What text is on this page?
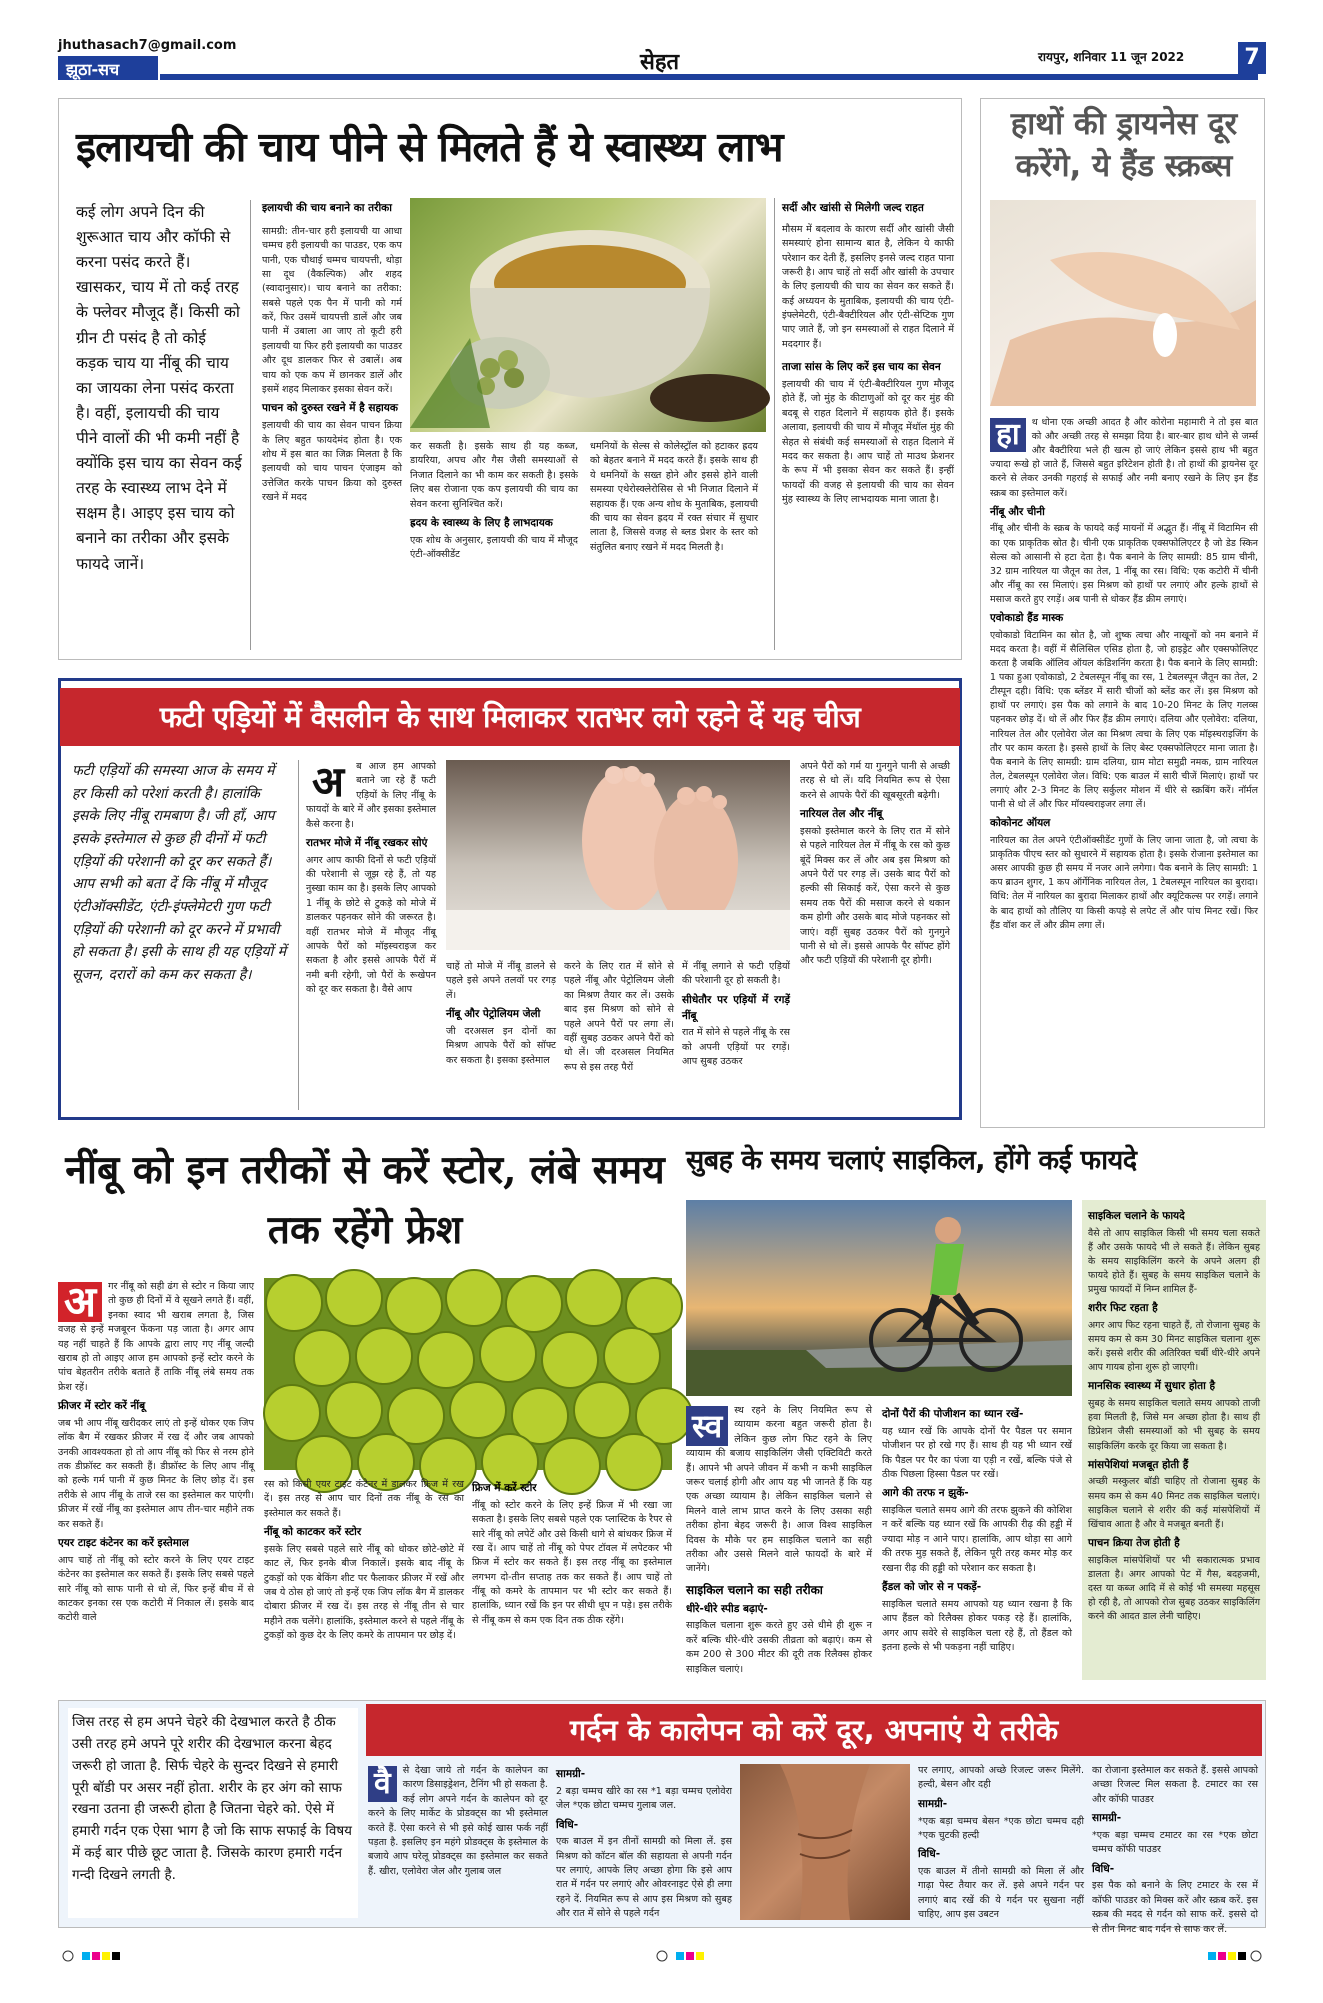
jhuthasach7@gmail.com
झूठा-सच	सेहत	रायपुर, शनिवार 11 जून 2022	7
इलायची की चाय पीने से मिलते हैं ये स्वास्थ्य लाभ
कई लोग अपने दिन की शुरूआत चाय और कॉफी से करना पसंद करते हैं। खासकर, चाय में तो कई तरह के फ्लेवर मौजूद हैं। किसी को ग्रीन टी पसंद है तो कोई कड़क चाय या नींबू की चाय का जायका लेना पसंद करता है। वहीं, इलायची की चाय पीने वालों की भी कमी नहीं है क्योंकि इस चाय का सेवन कई तरह के स्वास्थ्य लाभ देने में सक्षम है। आइए इस चाय को बनाने का तरीका और इसके फायदे जानें।
इलायची की चाय बनाने का तरीका

सामग्री: तीन-चार हरी इलायची या आधा चम्मच हरी इलायची का पाउडर, एक कप पानी, एक चौथाई चम्मच चायपत्ती, थोड़ा सा दूध (वैकल्पिक) और शहद (स्वादानुसार)। चाय बनाने का तरीका: सबसे पहले एक पैन में पानी को गर्म करें, फिर उसमें चायपत्ती डालें और जब पानी में उबाला आ जाए तो कूटी हरी इलायची या फिर हरी इलायची का पाउडर और दूध डालकर फिर से उबालें। अब चाय को एक कप में छानकर डालें और इसमें शहद मिलाकर इसका सेवन करें।

पाचन को दुरुस्त रखने में है सहायक

इलायची की चाय का सेवन पाचन क्रिया के लिए बहुत फायदेमंद होता है। एक शोध में इस बात का जिक्र मिलता है कि इलायची को चाय पाचन एंजाइम को उत्तेजित करके पाचन क्रिया को दुरुस्त रखने में मदद

कर सकती है। इसके साथ ही यह कब्ज, डायरिया, अपच और गैस जैसी समस्याओं से निजात दिलाने का भी काम कर सकती है। इसके लिए बस रोजाना एक कप इलायची की चाय का सेवन करना सुनिश्चित करें।

ह्रदय के स्वास्थ्य के लिए है लाभदायक

एक शोध के अनुसार, इलायची की चाय में मौजूद एंटी-ऑक्सीडेंट

धमनियों के सेल्स से कोलेस्ट्रॉल को हटाकर ह्रदय को बेहतर बनाने में मदद करते हैं। इसके साथ ही ये धमनियों के सख्त होने और इससे होने वाली समस्या एथेरोस्क्लेरोसिस से भी निजात दिलाने में सहायक हैं। एक अन्य शोध के मुताबिक, इलायची की चाय का सेवन ह्रदय में रक्त संचार में सुधार लाता है, जिससे वजह से ब्लड प्रेशर के स्तर को संतुलित बनाए रखने में मदद मिलती है।

सर्दी और खांसी से मिलेगी जल्द राहत

मौसम में बदलाव के कारण सर्दी और खांसी जैसी समस्याएं होना सामान्य बात है, लेकिन ये काफी परेशान कर देती हैं, इसलिए इनसे जल्द राहत पाना जरूरी है। आप चाहें तो सर्दी और खांसी के उपचार के लिए इलायची की चाय का सेवन कर सकते हैं। कई अध्ययन के मुताबिक, इलायची की चाय एंटी-इंफ्लेमेटरी, एंटी-बैक्टीरियल और एंटी-सेप्टिक गुण पाए जाते हैं, जो इन समस्याओं से राहत दिलाने में मददगार हैं।

ताजा सांस के लिए करें इस चाय का सेवन

इलायची की चाय में एंटी-बैक्टीरियल गुण मौजूद होते हैं, जो मुंह के कीटाणुओं को दूर कर मुंह की बदबू से राहत दिलाने में सहायक होते हैं। इसके अलावा, इलायची की चाय में मौजूद मेंथॉल मुंह की सेहत से संबंधी कई समस्याओं से राहत दिलाने में मदद कर सकता है। आप चाहें तो माउथ फ्रेशनर के रूप में भी इसका सेवन कर सकते हैं। इन्हीं फायदों की वजह से इलायची की चाय का सेवन मुंह स्वास्थ्य के लिए लाभदायक माना जाता है।

हाथों की ड्रायनेस दूर करेंगे, ये हैंड स्क्रब्स
हा	थ धोना एक अच्छी आदत है और कोरोना महामारी ने तो इस बात को और अच्छी तरह से समझा दिया है। बार-बार हाथ धोने से जर्म्स और बैक्टीरिया भले ही खत्म हो जाएं लेकिन इससे हाथ भी बहुत ज्यादा रूखे हो जाते हैं, जिससे बहुत इरिटेशन होती है। तो हाथों की ड्रायनेस दूर करने से लेकर उनकी गहराई से सफाई और नमी बनाए रखने के लिए इन हैंड स्क्रब का इस्तेमाल करें।

नींबू और चीनी

नींबू और चीनी के स्क्रब के फायदे कई मायनों में अद्भुत हैं। नींबू में विटामिन सी का एक प्राकृतिक स्रोत है। चीनी एक प्राकृतिक एक्सफोलिएटर है जो डेड स्किन सेल्स को आसानी से हटा देता है। पैक बनाने के लिए सामग्री: 85 ग्राम चीनी, 32 ग्राम नारियल या जैतून का तेल, 1 नींबू का रस। विधि: एक कटोरी में चीनी और नींबू का रस मिलाएं। इस मिश्रण को हाथों पर लगाएं और हल्के हाथों से मसाज करते हुए रगड़ें। अब पानी से धोकर हैंड क्रीम लगाएं।

एवोकाडो हैंड मास्क

एवोकाडो विटामिन का स्रोत है, जो शुष्क त्वचा और नाखूनों को नम बनाने में मदद करता है। वहीं में सैलिसिल एसिड होता है, जो हाइड्रेट और एक्सफोलिएट करता है जबकि ऑलिव ऑयल कंडिशनिंग करता है। पैक बनाने के लिए सामग्री: 1 पका हुआ एवोकाडो, 2 टेबलस्पून नींबू का रस, 1 टेबलस्पून जैतून का तेल, 2 टीस्पून दही। विधि: एक ब्लेंडर में सारी चीजों को ब्लेंड कर लें। इस मिश्रण को हाथों पर लगाएं। इस पैक को लगाने के बाद 10-20 मिनट के लिए गलव्स पहनकर छोड़ दें। धो लें और फिर हैंड क्रीम लगाएं। दलिया और एलोवेरा: दलिया, नारियल तेल और एलोवेरा जेल का मिश्रण त्वचा के लिए एक मॉइस्चराइजिंग के तौर पर काम करता है। इससे हाथों के लिए बेस्ट एक्सफोलिएटर माना जाता है। पैक बनाने के लिए सामग्री: ग्राम दलिया, ग्राम मोटा समुद्री नमक, ग्राम नारियल तेल, टेबलस्पून एलोवेरा जेल। विधि: एक बाउल में सारी चीजें मिलाएं। हाथों पर लगाएं और 2-3 मिनट के लिए सर्कुलर मोशन में धीरे से स्क्रबिंग करें। नॉर्मल पानी से धो लें और फिर मॉयस्चराइजर लगा लें।

कोकोनट ऑयल

नारियल का तेल अपने एंटीऑक्सीडेंट गुणों के लिए जाना जाता है, जो त्वचा के प्राकृतिक पीएच स्तर को सुधारने में सहायक होता है। इसके रोजाना इस्तेमाल का असर आपकी कुछ ही समय में नजर आने लगेगा। पैक बनाने के लिए सामग्री: 1 कप ब्राउन शुगर, 1 कप ऑर्गेनिक नारियल तेल, 1 टेबलस्पून नारियल का बुरादा। विधि: तेल में नारियल का बुरादा मिलाकर हाथों और क्यूटिकल्स पर रगड़ें। लगाने के बाद हाथों को तौलिए या किसी कपड़े से लपेट लें और पांच मिनट रखें। फिर हैंड वॉश कर लें और क्रीम लगा लें।

फटी एड़ियों में वैसलीन के साथ मिलाकर रातभर लगे रहने दें यह चीज
फटी एड़ियों की समस्या आज के समय में हर किसी को परेशां करती है। हालांकि इसके लिए नींबू रामबाण है। जी हाँ, आप इसके इस्तेमाल से कुछ ही दीनों में फटी एड़ियों की परेशानी को दूर कर सकते हैं। आप सभी को बता दें कि नींबू में मौजूद एंटीऑक्सीडेंट, एंटी-इंफ्लेमेटरी गुण फटी एड़ियों की परेशानी को दूर करने में प्रभावी हो सकता है। इसी के साथ ही यह एड़ियों में सूजन, दरारों को कम कर सकता है।
अ	ब आज हम आपको बताने जा रहे हैं फटी एड़ियों के लिए नींबू के फायदों के बारे में और इसका इस्तेमाल कैसे करना है।

रातभर मोजे में नींबू रखकर सोएं

अगर आप काफी दिनों से फटी एड़ियों की परेशानी से जूझ रहे हैं, तो यह नुस्खा काम का है। इसके लिए आपको 1 नींबू के छोटे से टुकड़े को मोजे में डालकर पहनकर सोने की जरूरत है। वहीं रातभर मोजे में मौजूद नींबू आपके पैरों को मॉइस्चराइज कर सकता है और इससे आपके पैरों में नमी बनी रहेगी, जो पैरों के रूखेपन को दूर कर सकता है। वैसे आप

चाहें तो मोजे में नींबू डालने से पहले इसे अपने तलवों पर रगड़ लें।

नींबू और पेट्रोलियम जेली

जी दरअसल इन दोनों का मिश्रण आपके पैरों को सॉफ्ट कर सकता है। इसका इस्तेमाल

करने के लिए रात में सोने से पहले नींबू और पेट्रोलियम जेली का मिश्रण तैयार कर लें। उसके बाद इस मिश्रण को सोने से पहले अपने पैरों पर लगा लें। वहीं सुबह उठकर अपने पैरों को धो लें। जी दरअसल नियमित रूप से इस तरह पैरों

में नींबू लगाने से फटी एड़ियों की परेशानी दूर हो सकती है।

सीधेतौर पर एड़ियों में रगड़ें नींबू

रात में सोने से पहले नींबू के रस को अपनी एड़ियों पर रगड़ें। आप सुबह उठकर

अपने पैरों को गर्म या गुनगुने पानी से अच्छी तरह से धो लें। यदि नियमित रूप से ऐसा करने से आपके पैरों की खूबसूरती बढ़ेगी।

नारियल तेल और नींबू

इसको इस्तेमाल करने के लिए रात में सोने से पहले नारियल तेल में नींबू के रस को कुछ बूंदें मिक्स कर लें और अब इस मिश्रण को अपने पैरों पर रगड़ लें। उसके बाद पैरों को हल्की सी सिकाई करें, ऐसा करने से कुछ समय तक पैरों की मसाज करने से थकान कम होगी और उसके बाद मोजे पहनकर सो जाएं। वहीं सुबह उठकर पैरों को गुनगुने पानी से धो लें। इससे आपके पैर सॉफ्ट होंगे और फटी एड़ियों की परेशानी दूर होगी।

नींबू को इन तरीकों से करें स्टोर, लंबे समय तक रहेंगे फ्रेश
अ	गर नींबू को सही ढंग से स्टोर न किया जाए तो कुछ ही दिनों में वे सूखने लगते हैं। वहीं, इनका स्वाद भी खराब लगता है, जिस वजह से इन्हें मजबूरन फेंकना पड़ जाता है। अगर आप यह नहीं चाहते हैं कि आपके द्वारा लाए गए नींबू जल्दी खराब हो तो आइए आज हम आपको इन्हें स्टोर करने के पांच बेहतरीन तरीके बताते हैं ताकि नींबू लंबे समय तक फ्रेश रहें।

फ्रीजर में स्टोर करें नींबू

जब भी आप नींबू खरीदकर लाएं तो इन्हें धोकर एक जिप लॉक बैग में रखकर फ्रीजर में रख दें और जब आपको उनकी आवश्यकता हो तो आप नींबू को फिर से नरम होने तक डीफ्रॉस्ट कर सकती हैं। डीफ्रॉस्ट के लिए आप नींबू को हल्के गर्म पानी में कुछ मिनट के लिए छोड़ दें। इस तरीके से आप नींबू के ताजे रस का इस्तेमाल कर पाएंगी। फ्रीजर में रखें नींबू का इस्तेमाल आप तीन-चार महीने तक कर सकते हैं।

एयर टाइट कंटेनर का करें इस्तेमाल

आप चाहें तो नींबू को स्टोर करने के लिए एयर टाइट कंटेनर का इस्तेमाल कर सकते हैं। इसके लिए सबसे पहले सारे नींबू को साफ पानी से धो लें, फिर इन्हें बीच में से काटकर इनका रस एक कटोरी में निकाल लें। इसके बाद कटोरी वाले

रस को किसी एयर टाइट कंटेनर में डालकर फ्रिज में रख दें। इस तरह से आप चार दिनों तक नींबू के रस का इस्तेमाल कर सकते हैं।

नींबू को काटकर करें स्टोर

इसके लिए सबसे पहले सारे नींबू को धोकर छोटे-छोटे में काट लें, फिर इनके बीज निकालें। इसके बाद नींबू के टुकड़ों को एक बेकिंग शीट पर फैलाकर फ्रीजर में रखें और जब ये ठोस हो जाएं तो इन्हें एक जिप लॉक बैग में डालकर दोबारा फ्रीजर में रख दें। इस तरह से नींबू तीन से चार महीने तक चलेंगे। हालांकि, इस्तेमाल करने से पहले नींबू के टुकड़ों को कुछ देर के लिए कमरे के तापमान पर छोड़ दें।

फ्रिज में करें स्टोर

नींबू को स्टोर करने के लिए इन्हें फ्रिज में भी रखा जा सकता है। इसके लिए सबसे पहले एक प्लास्टिक के रैपर से सारे नींबू को लपेटें और उसे किसी धागे से बांधकर फ्रिज में रख दें। आप चाहें तो नींबू को पेपर टॉवल में लपेटकर भी फ्रिज में स्टोर कर सकते हैं। इस तरह नींबू का इस्तेमाल लगभग दो-तीन सप्ताह तक कर सकते हैं। आप चाहें तो नींबू को कमरे के तापमान पर भी स्टोर कर सकते हैं। हालांकि, ध्यान रखें कि इन पर सीधी धूप न पड़े। इस तरीके से नींबू कम से कम एक दिन तक ठीक रहेंगे।

सुबह के समय चलाएं साइकिल, होंगे कई फायदे
स्व	स्थ रहने के लिए नियमित रूप से व्यायाम करना बहुत जरूरी होता है। लेकिन कुछ लोग फिट रहने के लिए व्यायाम की बजाय साइकिलिंग जैसी एक्टिविटी करते हैं। आपने भी अपने जीवन में कभी न कभी साइकिल जरूर चलाई होगी और आप यह भी जानते हैं कि यह एक अच्छा व्यायाम है। लेकिन साइकिल चलाने से मिलने वाले लाभ प्राप्त करने के लिए उसका सही तरीका होना बेहद जरूरी है। आज विश्व साइकिल दिवस के मौके पर हम साइकिल चलाने का सही तरीका और उससे मिलने वाले फायदों के बारे में जानेंगे।

साइकिल चलाने का सही तरीका
धीरे-धीरे स्पीड बढ़ाएं-

साइकिल चलाना शुरू करते हुए उसे धीमे ही शुरू न करें बल्कि धीरे-धीरे उसकी तीव्रता को बढ़ाएं। कम से कम 200 से 300 मीटर की दूरी तक रिलैक्स होकर साइकिल चलाएं।

दोनों पैरों की पोजीशन का ध्यान रखें-

यह ध्यान रखें कि आपके दोनों पैर पैडल पर समान पोजीशन पर हो रखे गए हैं। साथ ही यह भी ध्यान रखें कि पैडल पर पैर का पंजा या एड़ी न रखें, बल्कि पंजे से ठीक पिछला हिस्सा पैडल पर रखें।

आगे की तरफ न झुकें-

साइकिल चलाते समय आगे की तरफ झुकने की कोशिश न करें बल्कि यह ध्यान रखें कि आपकी रीढ़ की हड्डी में ज्यादा मोड़ न आने पाए। हालांकि, आप थोड़ा सा आगे की तरफ मुड़ सकते हैं, लेकिन पूरी तरह कमर मोड़ कर रखना रीढ़ की हड्डी को परेशान कर सकता है।

हैंडल को जोर से न पकड़ें-

साइकिल चलाते समय आपको यह ध्यान रखना है कि आप हैंडल को रिलैक्स होकर पकड़ रहे हैं। हालांकि, अगर आप सवेरे से साइकिल चला रहे हैं, तो हैंडल को इतना हल्के से भी पकड़ना नहीं चाहिए।

साइकिल चलाने के फायदे

वैसे तो आप साइकिल किसी भी समय चला सकते हैं और उसके फायदे भी ले सकते हैं। लेकिन सुबह के समय साइकिलिंग करने के अपने अलग ही फायदे होते हैं। सुबह के समय साइकिल चलाने के प्रमुख फायदों में निम्न शामिल हैं-

शरीर फिट रहता है

अगर आप फिट रहना चाहते हैं, तो रोजाना सुबह के समय कम से कम 30 मिनट साइकिल चलाना शुरू करें। इससे शरीर की अतिरिक्त चर्बी धीरे-धीरे अपने आप गायब होना शुरू हो जाएगी।

मानसिक स्वास्थ्य में सुधार होता है

सुबह के समय साइकिल चलाते समय आपको ताजी हवा मिलती है, जिसे मन अच्छा होता है। साथ ही डिप्रेशन जैसी समस्याओं को भी सुबह के समय साइकिलिंग करके दूर किया जा सकता है।

मांसपेशियां मजबूत होती हैं

अच्छी मस्कुलर बॉडी चाहिए तो रोजाना सुबह के समय कम से कम 40 मिनट तक साइकिल चलाएं। साइकिल चलाने से शरीर की कई मांसपेशियों में खिंचाव आता है और वे मजबूत बनती हैं।

पाचन क्रिया तेज होती है

साइकिल मांसपेशियों पर भी सकारात्मक प्रभाव डालता है। अगर आपको पेट में गैस, बदहजमी, दस्त या कब्ज आदि में से कोई भी समस्या महसूस हो रही है, तो आपको रोज सुबह उठकर साइकिलिंग करने की आदत डाल लेनी चाहिए।

गर्दन के कालेपन को करें दूर, अपनाएं ये तरीके
जिस तरह से हम अपने चेहरे की देखभाल करते है ठीक उसी तरह हमे अपने पूरे शरीर की देखभाल करना बेहद जरूरी हो जाता है. सिर्फ चेहरे के सुन्दर दिखने से हमारी पूरी बॉडी पर असर नहीं होता. शरीर के हर अंग को साफ रखना उतना ही जरूरी होता है जितना चेहरे को. ऐसे में हमारी गर्दन एक ऐसा भाग है जो कि साफ सफाई के विषय में कई बार पीछे छूट जाता है. जिसके कारण हमारी गर्दन गन्दी दिखने लगती है.
वै	से देखा जाये तो गर्दन के कालेपन का कारण डिसाइड्रेशन, टैनिंग भी हो सकता है. कई लोग अपने गर्दन के कालेपन को दूर करने के लिए मार्केट के प्रोडक्ट्स का भी इस्तेमाल करते हैं. ऐसा करने से भी इसे कोई खास फर्क नहीं पड़ता है. इसलिए इन महंगे प्रोडक्ट्स के इस्तेमाल के बजाये आप घरेलू प्रोडक्ट्स का इस्तेमाल कर सकते हैं. खीरा, एलोवेरा जेल और गुलाब जल

सामग्री-

2 बड़ा चम्मच खीरे का रस *1 बड़ा चम्मच एलोवेरा जेल *एक छोटा चम्मच गुलाब जल.

विधि-

एक बाउल में इन तीनों सामग्री को मिला लें. इस मिश्रण को कॉटन बॉल की सहायता से अपनी गर्दन पर लगाएं, आपके लिए अच्छा होगा कि इसे आप रात में गर्दन पर लगाएं और ओवरनाइट ऐसे ही लगा रहने दें. नियमित रूप से आप इस मिश्रण को सुबह और रात में सोने से पहले गर्दन

पर लगाए, आपको अच्छे रिजल्ट जरूर मिलेंगे. हल्दी, बेसन और दही

सामग्री-

*एक बड़ा चम्मच बेसन *एक छोटा चम्मच दही *एक चुटकी हल्दी

विधि-

एक बाउल में तीनो सामग्री को मिला लें और गाढ़ा पेस्ट तैयार कर लें. इसे अपने गर्दन पर लगाएं बाद रखें की ये गर्दन पर सुखना नहीं चाहिए, आप इस उबटन

का रोजाना इस्तेमाल कर सकते हैं. इससे आपको अच्छा रिजल्ट मिल सकता है. टमाटर का रस और कॉफी पाउडर

सामग्री-

*एक बड़ा चम्मच टमाटर का रस *एक छोटा चम्मच कॉफी पाउडर

विधि-

इस पैक को बनाने के लिए टमाटर के रस में कॉफी पाउडर को मिक्स करें और स्क्रब करें. इस स्क्रब की मदद से गर्दन को साफ करें. इससे दो से तीन मिनट बाद गर्दन से साफ कर लें.
